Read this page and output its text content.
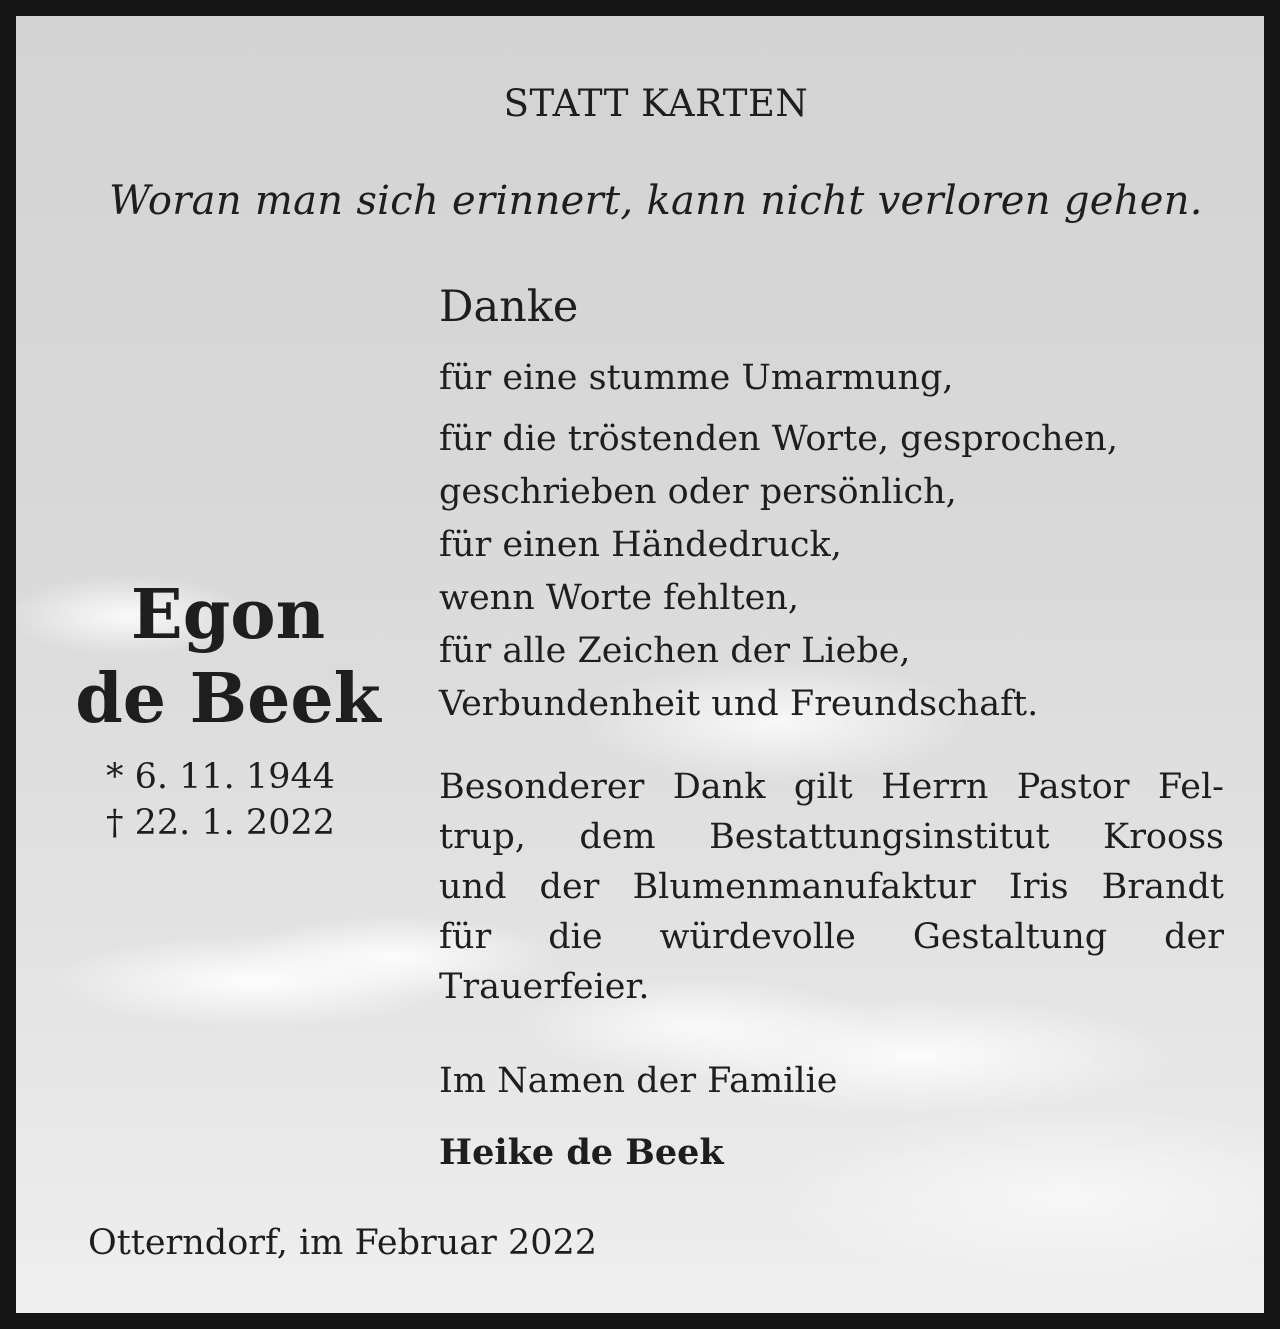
STATT KARTEN
Woran man sich erinnert, kann nicht verloren gehen.
Danke
für eine stumme Umarmung,
für die tröstenden Worte, gesprochen,
geschrieben oder persönlich,
für einen Händedruck,
wenn Worte fehlten,
für alle Zeichen der Liebe,
Verbundenheit und Freundschaft.
Egon
de Beek
* 6. 11. 1944
† 22. 1. 2022
Besonderer Dank gilt Herrn Pastor Fel-
trup, dem Bestattungsinstitut Krooss
und der Blumenmanufaktur Iris Brandt
für die würdevolle Gestaltung der
Trauerfeier.
Im Namen der Familie
Heike de Beek
Otterndorf, im Februar 2022
